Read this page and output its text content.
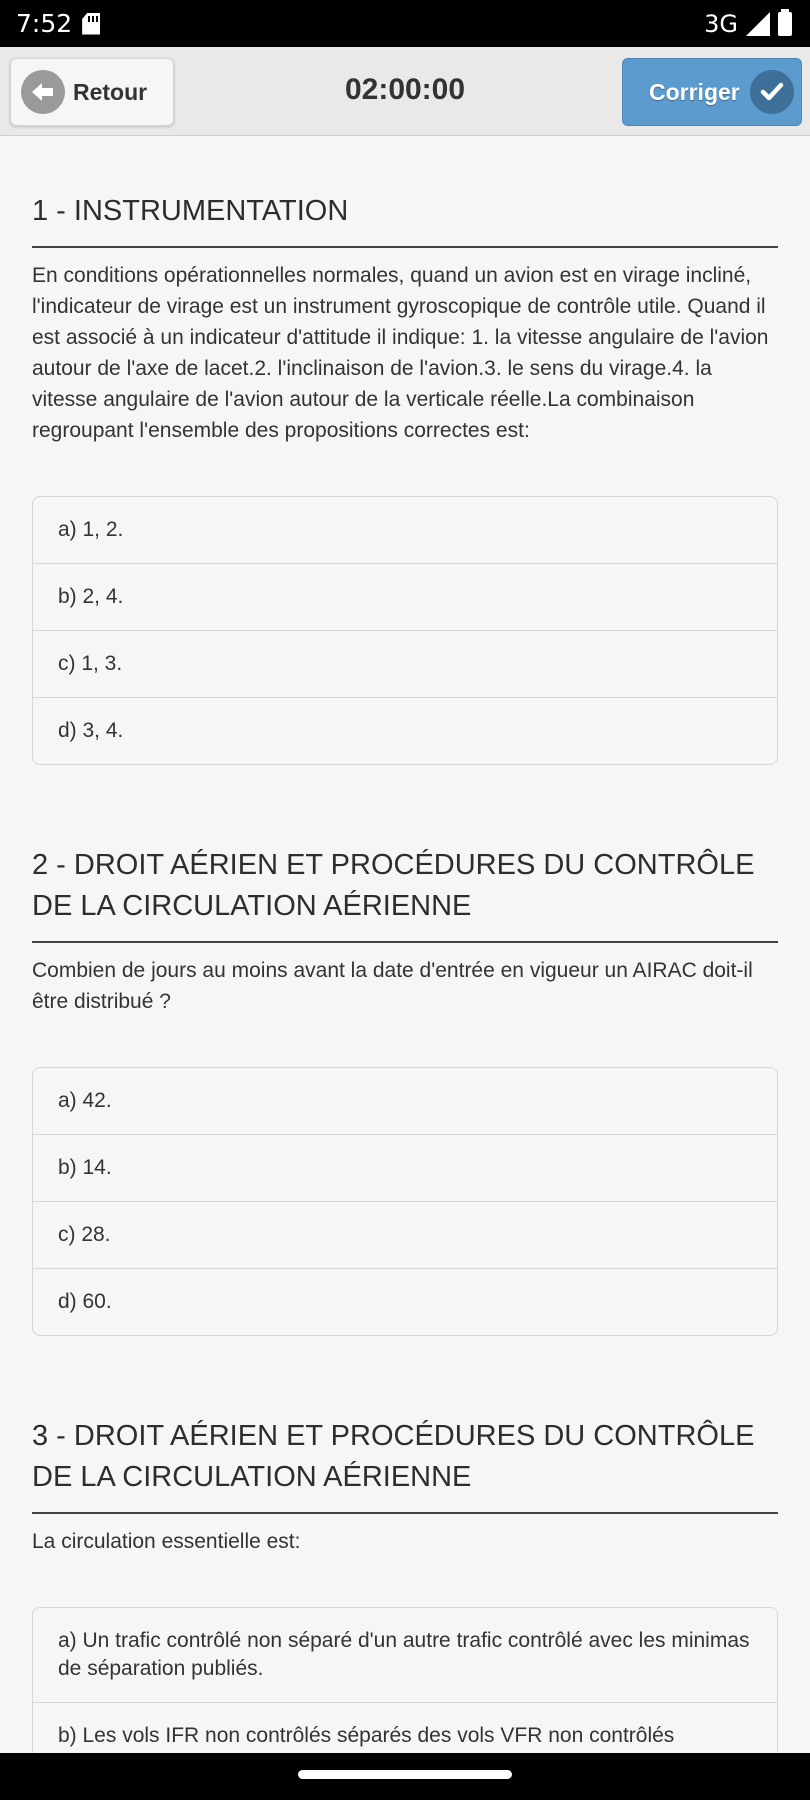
7:52	3G
Retour	02:00:00	Corriger
1 - INSTRUMENTATION
En conditions opérationnelles normales, quand un avion est en virage incliné, l'indicateur de virage est un instrument gyroscopique de contrôle utile. Quand il est associé à un indicateur d'attitude il indique: 1. la vitesse angulaire de l'avion autour de l'axe de lacet.2. l'inclinaison de l'avion.3. le sens du virage.4. la vitesse angulaire de l'avion autour de la verticale réelle.La combinaison regroupant l'ensemble des propositions correctes est:
a) 1, 2.
b) 2, 4.
c) 1, 3.
d) 3, 4.
2 - DROIT AÉRIEN ET PROCÉDURES DU CONTRÔLE DE LA CIRCULATION AÉRIENNE
Combien de jours au moins avant la date d'entrée en vigueur un AIRAC doit-il être distribué ?
a) 42.
b) 14.
c) 28.
d) 60.
3 - DROIT AÉRIEN ET PROCÉDURES DU CONTRÔLE DE LA CIRCULATION AÉRIENNE
La circulation essentielle est:
a) Un trafic contrôlé non séparé d'un autre trafic contrôlé avec les minimas de séparation publiés.
b) Les vols IFR non contrôlés séparés des vols VFR non contrôlés
